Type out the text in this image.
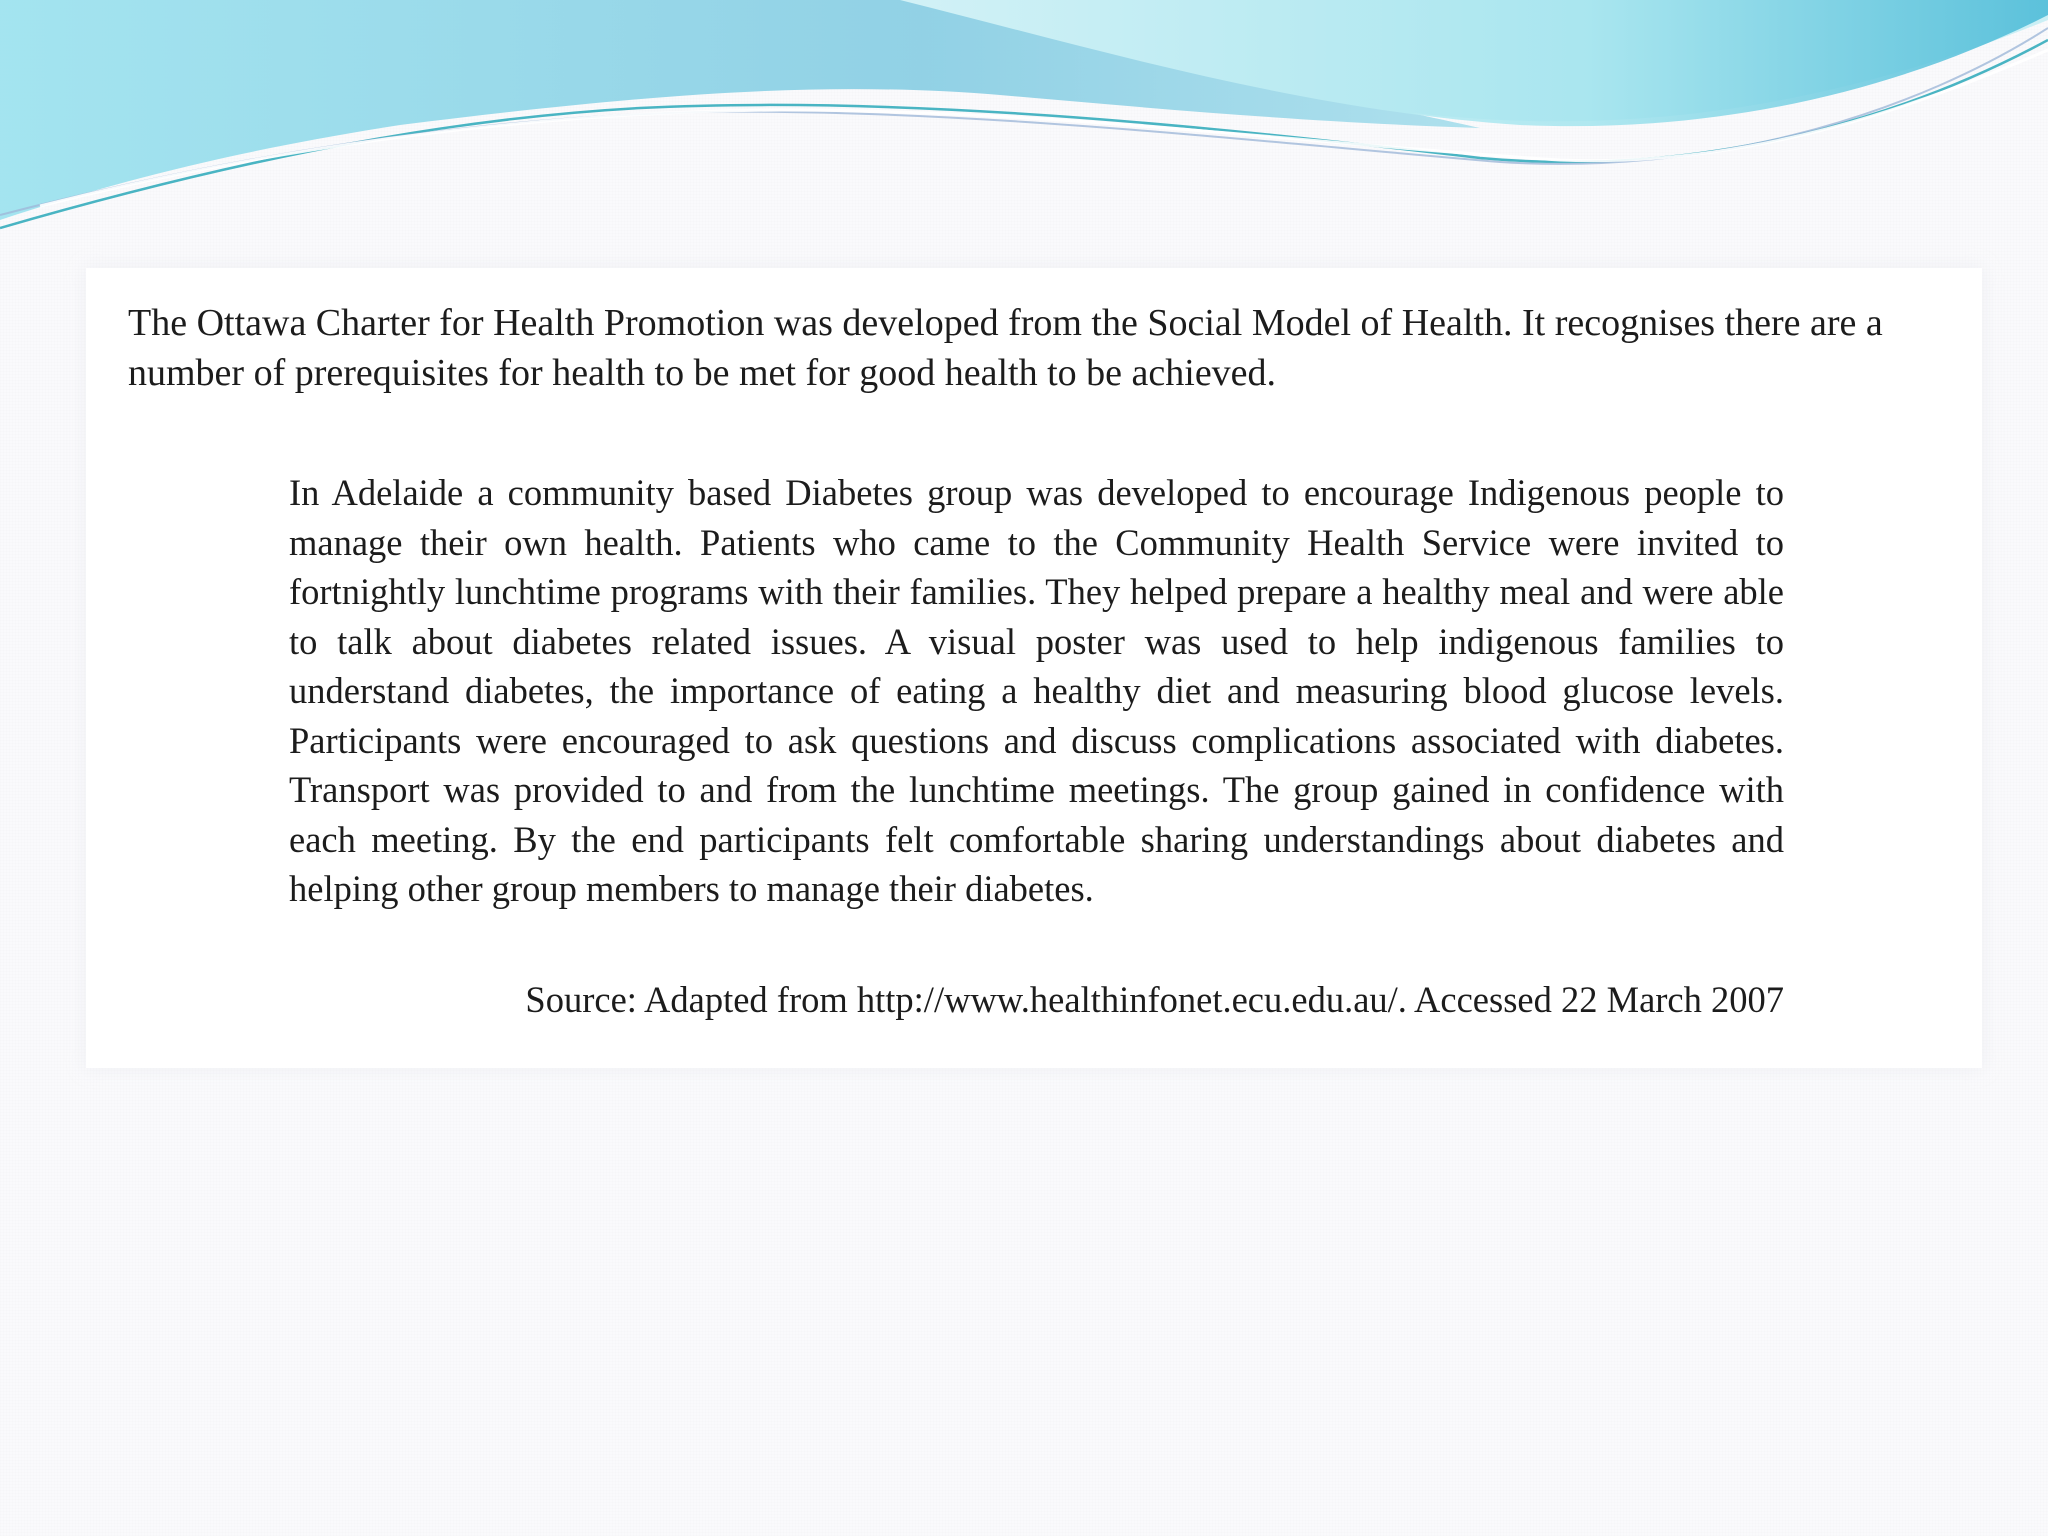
The Ottawa Charter for Health Promotion was developed from the Social Model of Health. It recognises there are a number of prerequisites for health to be met for good health to be achieved.

In Adelaide a community based Diabetes group was developed to encourage Indigenous people to manage their own health. Patients who came to the Community Health Service were invited to fortnightly lunchtime programs with their families. They helped prepare a healthy meal and were able to talk about diabetes related issues. A visual poster was used to help indigenous families to understand diabetes, the importance of eating a healthy diet and measuring blood glucose levels. Participants were encouraged to ask questions and discuss complications associated with diabetes. Transport was provided to and from the lunchtime meetings. The group gained in confidence with each meeting. By the end participants felt comfortable sharing understandings about diabetes and helping other group members to manage their diabetes.

Source: Adapted from http://www.healthinfonet.ecu.edu.au/. Accessed 22 March 2007
